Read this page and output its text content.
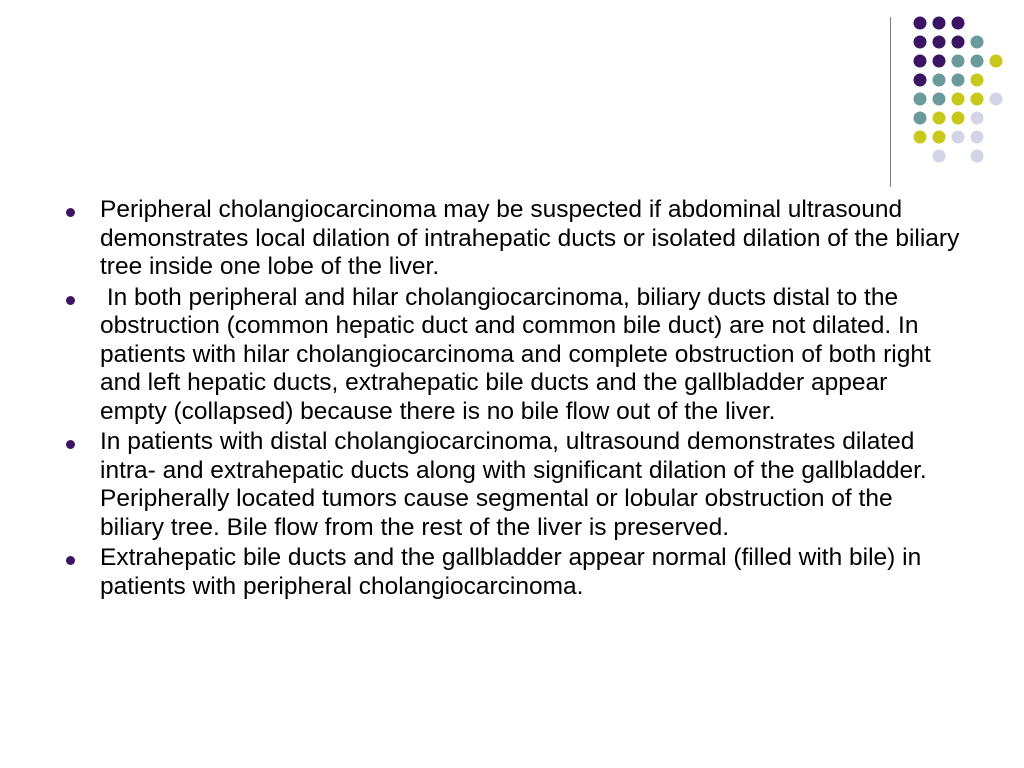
Peripheral cholangiocarcinoma may be suspected if abdominal ultrasound demonstrates local dilation of intrahepatic ducts or isolated dilation of the biliary tree inside one lobe of the liver.
In both peripheral and hilar cholangiocarcinoma, biliary ducts distal to the obstruction (common hepatic duct and common bile duct) are not dilated. In patients with hilar cholangiocarcinoma and complete obstruction of both right and left hepatic ducts, extrahepatic bile ducts and the gallbladder appear empty (collapsed) because there is no bile flow out of the liver.
In patients with distal cholangiocarcinoma, ultrasound demonstrates dilated intra- and extrahepatic ducts along with significant dilation of the gallbladder. Peripherally located tumors cause segmental or lobular obstruction of the biliary tree. Bile flow from the rest of the liver is preserved.
Extrahepatic bile ducts and the gallbladder appear normal (filled with bile) in patients with peripheral cholangiocarcinoma.
